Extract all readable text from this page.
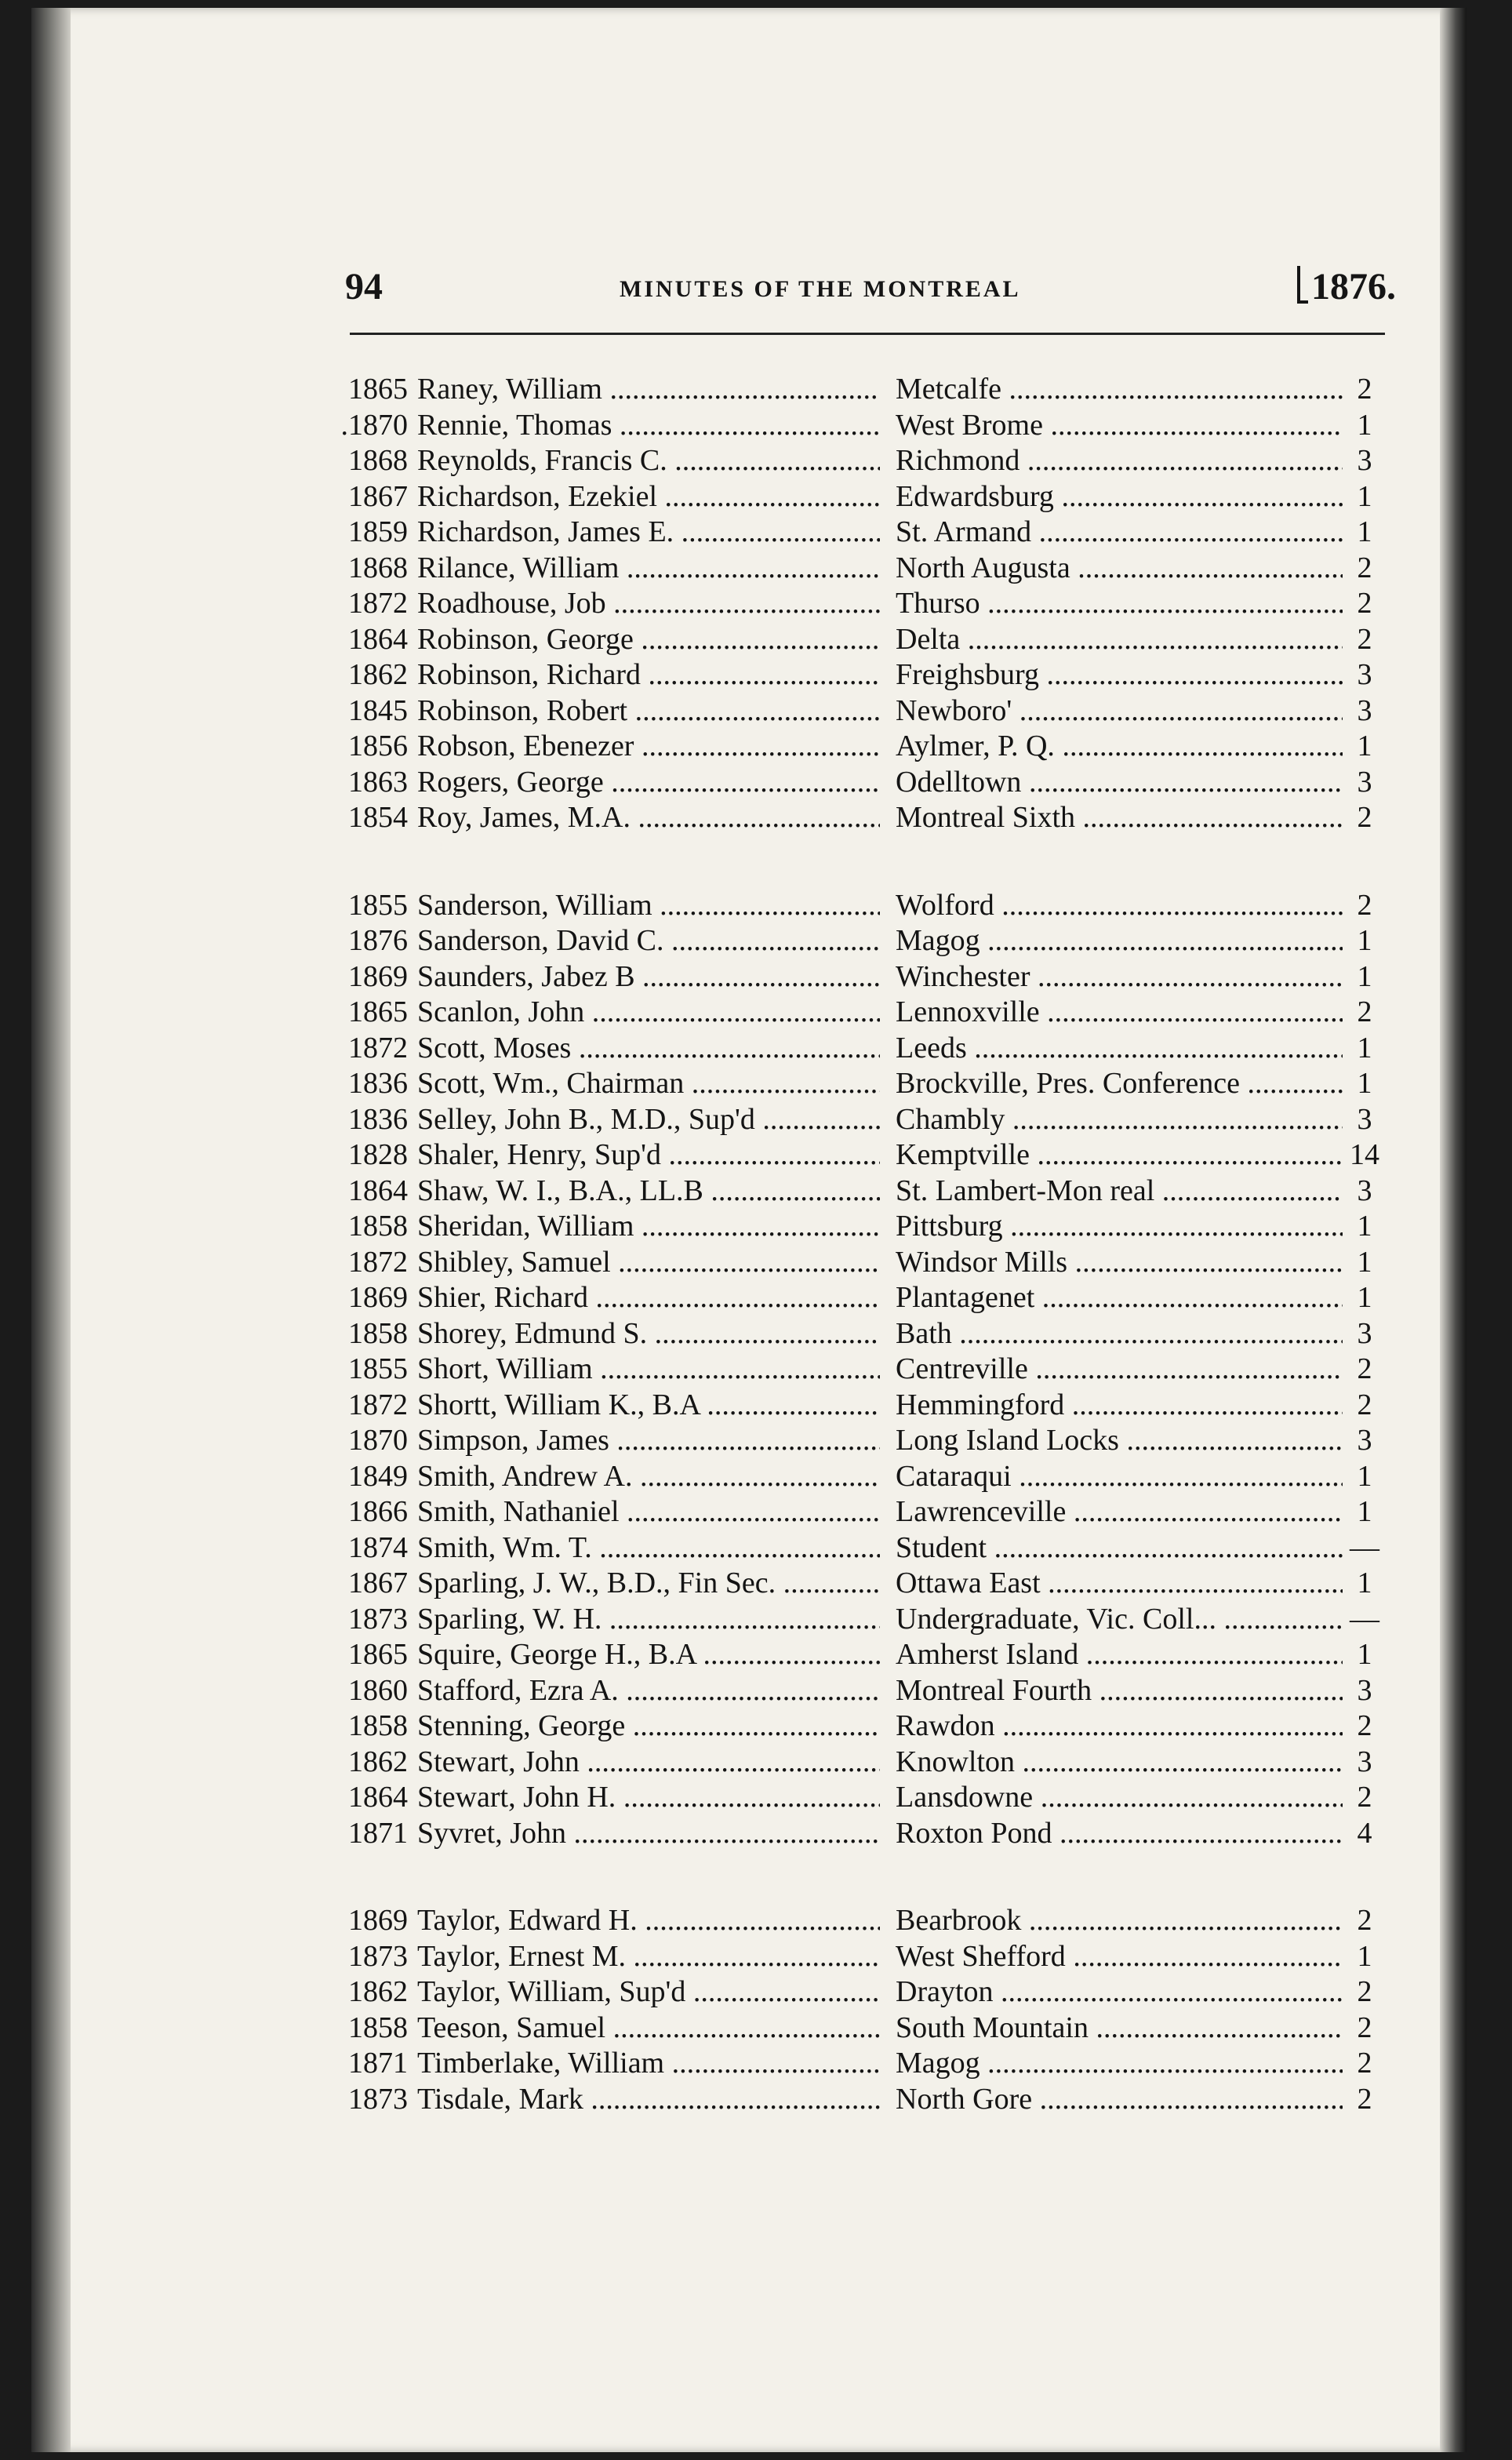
94	MINUTES OF THE MONTREAL	1876.
1865 Raney, William .....	Metcalfe .....	2
.1870 Rennie, Thomas .....	West Brome .....	1
1868 Reynolds, Francis C. .....	Richmond .....	3
1867 Richardson, Ezekiel .....	Edwardsburg .....	1
1859 Richardson, James E. .....	St. Armand .....	1
1868 Rilance, William .....	North Augusta .....	2
1872 Roadhouse, Job .....	Thurso .....	2
1864 Robinson, George .....	Delta .....	2
1862 Robinson, Richard .....	Freighsburg .....	3
1845 Robinson, Robert .....	Newboro' .....	3
1856 Robson, Ebenezer .....	Aylmer, P. Q. .....	1
1863 Rogers, George .....	Odelltown .....	3
1854 Roy, James, M.A. .....	Montreal Sixth .....	2
1855 Sanderson, William .....	Wolford .....	2
1876 Sanderson, David C. .....	Magog .....	1
1869 Saunders, Jabez B .....	Winchester .....	1
1865 Scanlon, John .....	Lennoxville .....	2
1872 Scott, Moses .....	Leeds .....	1
1836 Scott, Wm., Chairman .....	Brockville, Pres. Conference .....	1
1836 Selley, John B., M.D., Sup'd .....	Chambly .....	3
1828 Shaler, Henry, Sup'd .....	Kemptville .....	14
1864 Shaw, W. I., B.A., LL.B .....	St. Lambert-Mon real .....	3
1858 Sheridan, William .....	Pittsburg .....	1
1872 Shibley, Samuel .....	Windsor Mills .....	1
1869 Shier, Richard .....	Plantagenet .....	1
1858 Shorey, Edmund S. .....	Bath .....	3
1855 Short, William .....	Centreville .....	2
1872 Shortt, William K., B.A .....	Hemmingford .....	2
1870 Simpson, James .....	Long Island Locks .....	3
1849 Smith, Andrew A. .....	Cataraqui .....	1
1866 Smith, Nathaniel .....	Lawrenceville .....	1
1874 Smith, Wm. T. .....	Student .....	—
1867 Sparling, J. W., B.D., Fin Sec. .....	Ottawa East .....	1
1873 Sparling, W. H. .....	Undergraduate, Vic. Coll... .....	—
1865 Squire, George H., B.A .....	Amherst Island .....	1
1860 Stafford, Ezra A. .....	Montreal Fourth .....	3
1858 Stenning, George .....	Rawdon .....	2
1862 Stewart, John .....	Knowlton .....	3
1864 Stewart, John H. .....	Lansdowne .....	2
1871 Syvret, John .....	Roxton Pond .....	4
1869 Taylor, Edward H. .....	Bearbrook .....	2
1873 Taylor, Ernest M. .....	West Shefford .....	1
1862 Taylor, William, Sup'd .....	Drayton .....	2
1858 Teeson, Samuel .....	South Mountain .....	2
1871 Timberlake, William .....	Magog .....	2
1873 Tisdale, Mark .....	North Gore .....	2
